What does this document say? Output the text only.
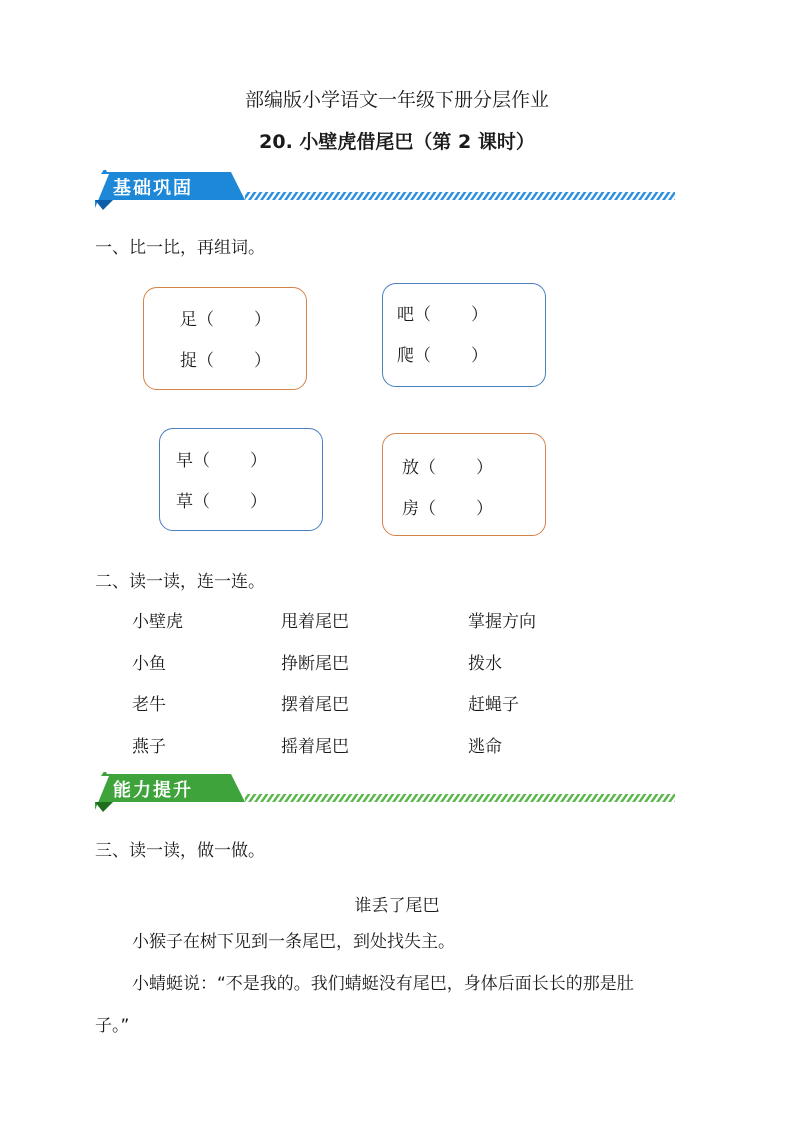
部编版小学语文一年级下册分层作业
20. 小壁虎借尾巴（第 2 课时）
基础巩固
一、比一比，再组词。
足（ ）
捉（ ）
吧（ ）
爬（ ）
早（ ）
草（ ）
放（ ）
房（ ）
二、读一读，连一连。
小壁虎
小鱼
老牛
燕子
甩着尾巴
挣断尾巴
摆着尾巴
摇着尾巴
掌握方向
拨水
赶蝇子
逃命
能力提升
三、读一读，做一做。
谁丢了尾巴
小猴子在树下见到一条尾巴，到处找失主。
小蜻蜓说：“不是我的。我们蜻蜓没有尾巴，身体后面长长的那是肚
子。”
